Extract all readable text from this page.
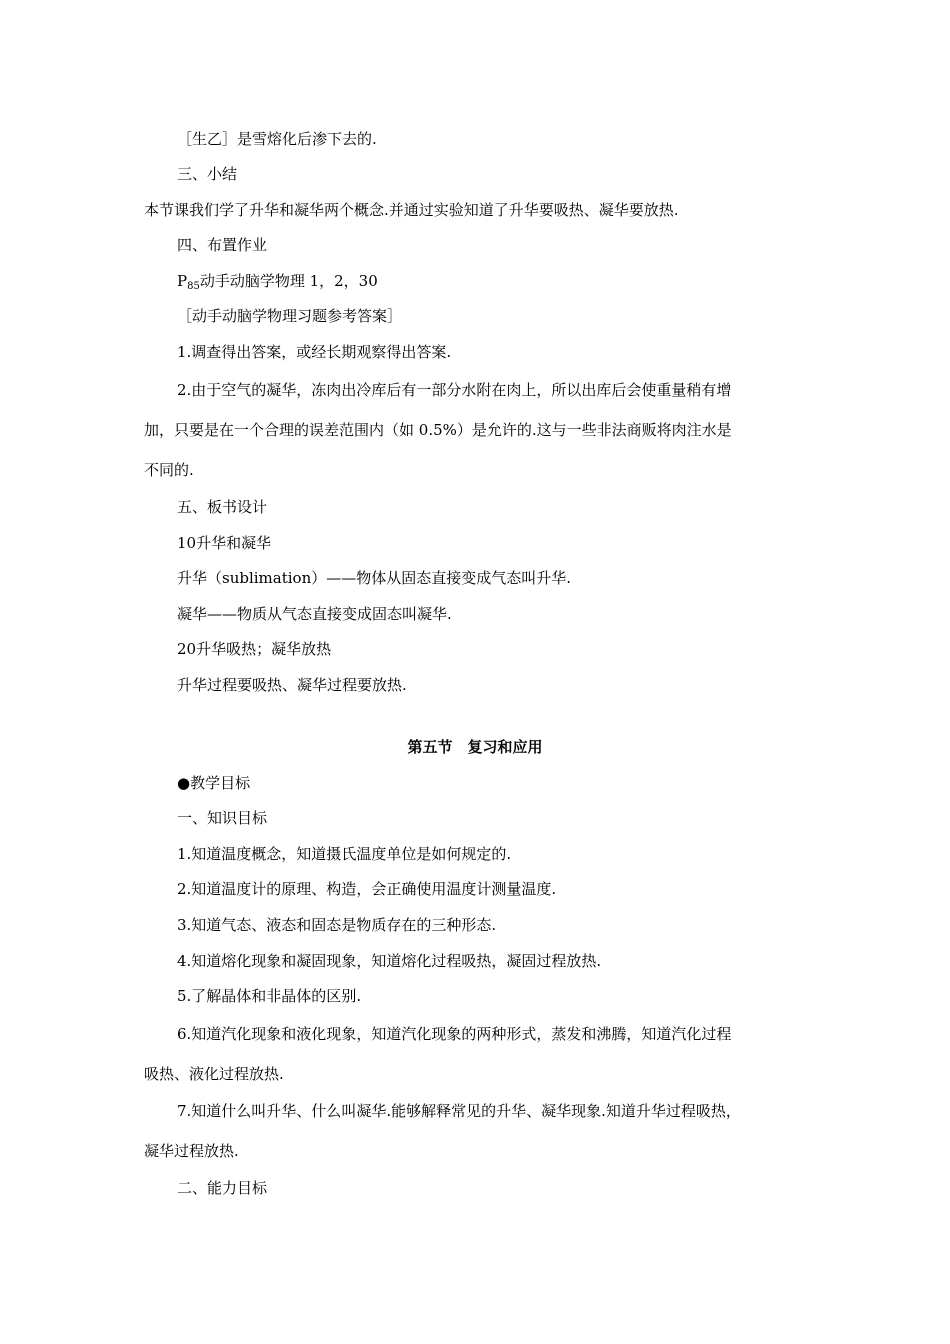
［生乙］是雪熔化后渗下去的.
三、小结
本节课我们学了升华和凝华两个概念.并通过实验知道了升华要吸热、凝华要放热.
四、布置作业
$P_{85}$动手动脑学物理 1，2，30
［动手动脑学物理习题参考答案］
1.调查得出答案，或经长期观察得出答案.
2.由于空气的凝华，冻肉出冷库后有一部分水附在肉上，所以出库后会使重量稍有增
加，只要是在一个合理的误差范围内（如 0.5%）是允许的.这与一些非法商贩将肉注水是
不同的.
五、板书设计
10升华和凝华
升华（sublimation）——物体从固态直接变成气态叫升华.
凝华——物质从气态直接变成固态叫凝华.
20升华吸热；凝华放热
升华过程要吸热、凝华过程要放热.
第五节　复习和应用
●教学目标
一、知识目标
1.知道温度概念，知道摄氏温度单位是如何规定的.
2.知道温度计的原理、构造，会正确使用温度计测量温度.
3.知道气态、液态和固态是物质存在的三种形态.
4.知道熔化现象和凝固现象，知道熔化过程吸热，凝固过程放热.
5.了解晶体和非晶体的区别.
6.知道汽化现象和液化现象，知道汽化现象的两种形式，蒸发和沸腾，知道汽化过程
吸热、液化过程放热.
7.知道什么叫升华、什么叫凝华.能够解释常见的升华、凝华现象.知道升华过程吸热，
凝华过程放热.
二、能力目标
